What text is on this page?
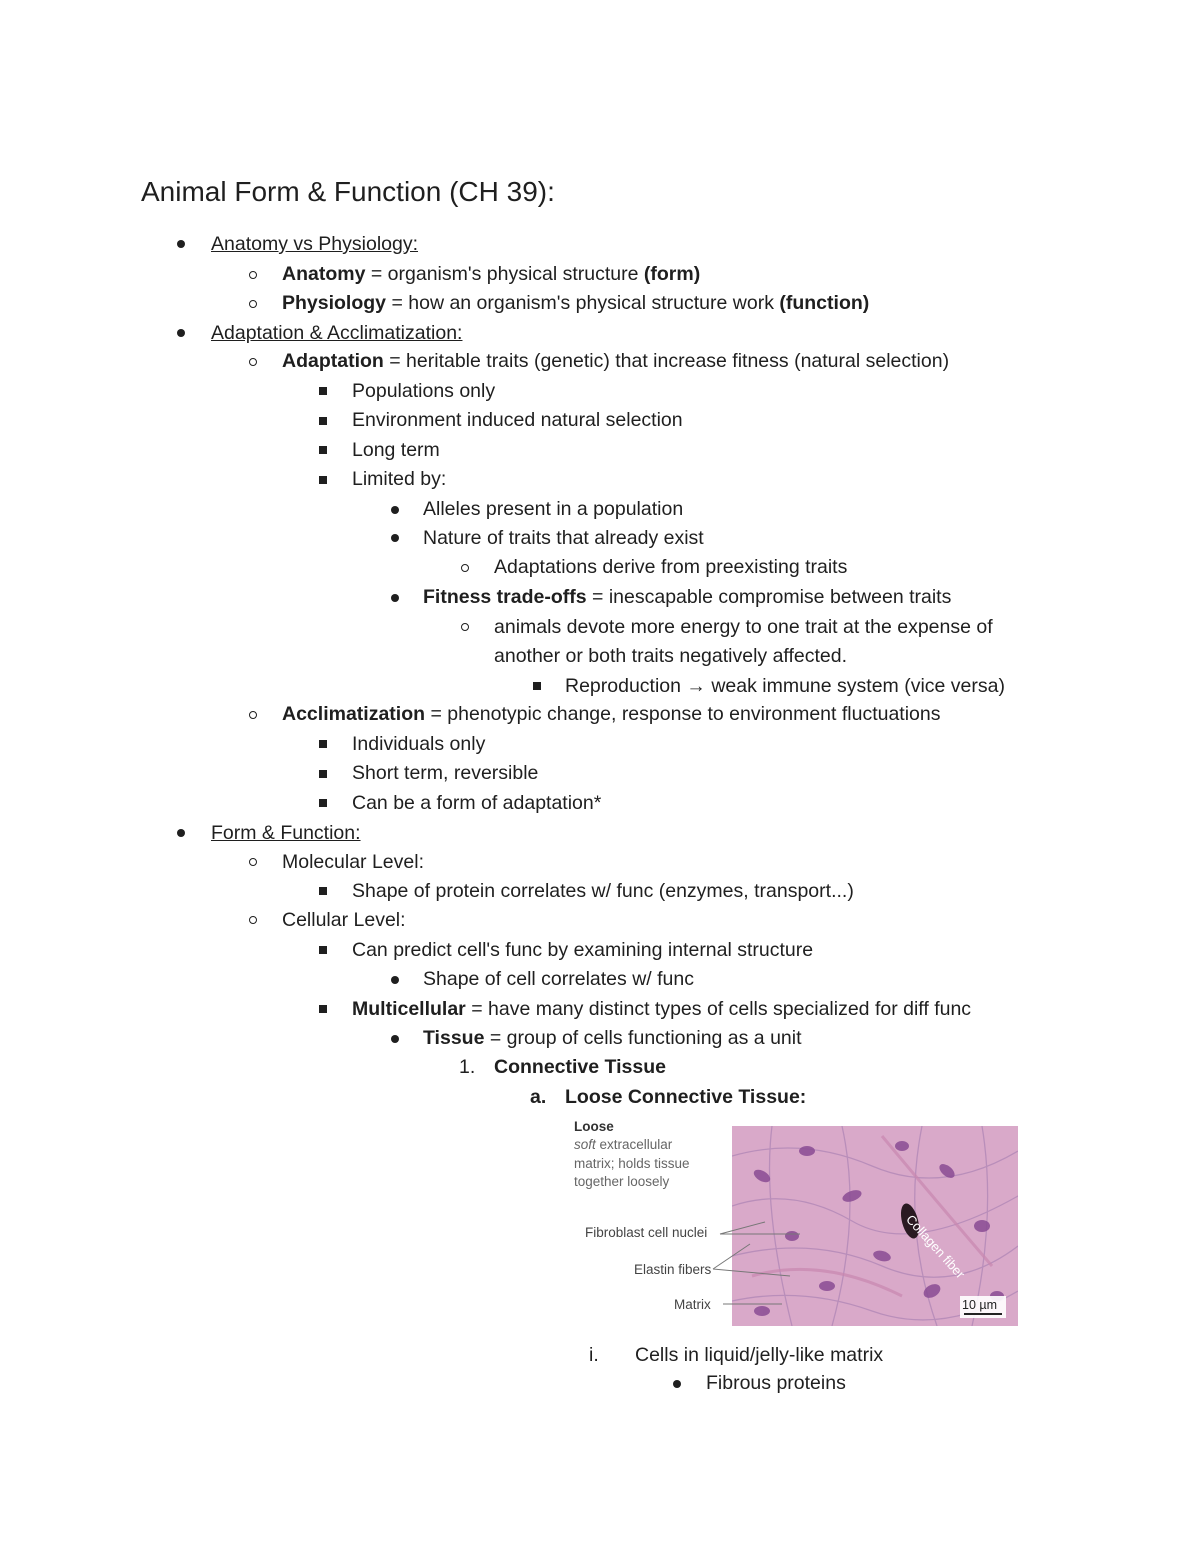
Animal Form & Function (CH 39):
Anatomy vs Physiology:
Anatomy = organism's physical structure (form)
Physiology = how an organism's physical structure work (function)
Adaptation & Acclimatization:
Adaptation = heritable traits (genetic) that increase fitness (natural selection)
Populations only
Environment induced natural selection
Long term
Limited by:
Alleles present in a population
Nature of traits that already exist
Adaptations derive from preexisting traits
Fitness trade-offs = inescapable compromise between traits
animals devote more energy to one trait at the expense of
another or both traits negatively affected.
Reproduction → weak immune system (vice versa)
Acclimatization = phenotypic change, response to environment fluctuations
Individuals only
Short term, reversible
Can be a form of adaptation*
Form & Function:
Molecular Level:
Shape of protein correlates w/ func (enzymes, transport...)
Cellular Level:
Can predict cell's func by examining internal structure
Shape of cell correlates w/ func
Multicellular = have many distinct types of cells specialized for diff func
Tissue = group of cells functioning as a unit
1. Connective Tissue
a. Loose Connective Tissue:
Loose
soft extracellular
matrix; holds tissue
together loosely
Fibroblast cell nuclei
Elastin fibers
Matrix	10 µm
Collagen fiber
i. Cells in liquid/jelly-like matrix
Fibrous proteins
